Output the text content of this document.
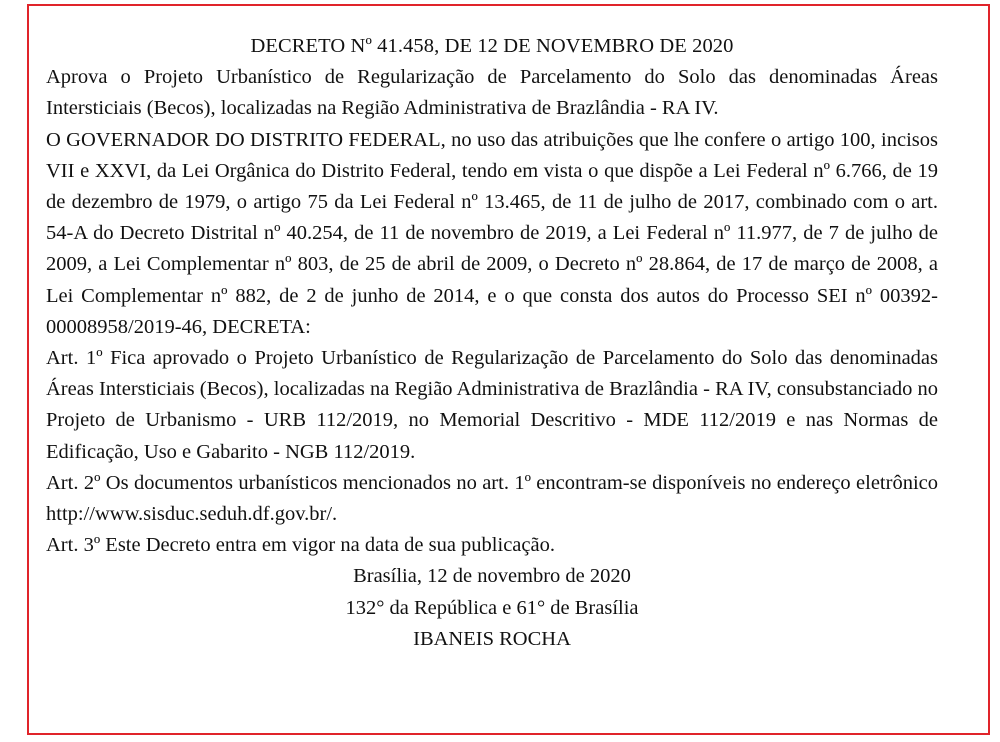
DECRETO Nº 41.458, DE 12 DE NOVEMBRO DE 2020

Aprova o Projeto Urbanístico de Regularização de Parcelamento do Solo das denominadas Áreas Intersticiais (Becos), localizadas na Região Administrativa de Brazlândia - RA IV.

O GOVERNADOR DO DISTRITO FEDERAL, no uso das atribuições que lhe confere o artigo 100, incisos VII e XXVI, da Lei Orgânica do Distrito Federal, tendo em vista o que dispõe a Lei Federal nº 6.766, de 19 de dezembro de 1979, o artigo 75 da Lei Federal nº 13.465, de 11 de julho de 2017, combinado com o art. 54-A do Decreto Distrital nº 40.254, de 11 de novembro de 2019, a Lei Federal nº 11.977, de 7 de julho de 2009, a Lei Complementar nº 803, de 25 de abril de 2009, o Decreto nº 28.864, de 17 de março de 2008, a Lei Complementar nº 882, de 2 de junho de 2014, e o que consta dos autos do Processo SEI nº 00392-00008958/2019-46, DECRETA:

Art. 1º Fica aprovado o Projeto Urbanístico de Regularização de Parcelamento do Solo das denominadas Áreas Intersticiais (Becos), localizadas na Região Administrativa de Brazlândia - RA IV, consubstanciado no Projeto de Urbanismo - URB 112/2019, no Memorial Descritivo - MDE 112/2019 e nas Normas de Edificação, Uso e Gabarito - NGB 112/2019.

Art. 2º Os documentos urbanísticos mencionados no art. 1º encontram-se disponíveis no endereço eletrônico http://www.sisduc.seduh.df.gov.br/.

Art. 3º Este Decreto entra em vigor na data de sua publicação.

Brasília, 12 de novembro de 2020

132° da República e 61° de Brasília

IBANEIS ROCHA
